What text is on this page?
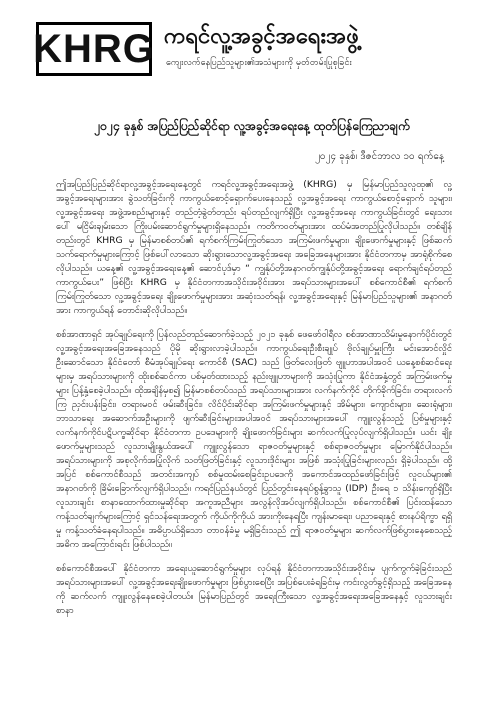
KHRG ကရင်လူ့အခွင့်အရေးအဖွဲ့
ကျေးလက်နေပြည်သူများ၏အသံများကို မှတ်တမ်းပြုစုခြင်း
၂၀၂၄ ခုနှစ် အပြည်ပြည်ဆိုင်ရာ လူ့အခွင့်အရေးနေ့ ထုတ်ပြန်ကြေညာချက်
၂၀၂၄ ခုနှစ်၊ ဒီဇင်ဘာလ ၁၀ ရက်နေ့

ဤအပြည်ပြည်ဆိုင်ရာလူ့အခွင့်အရေးနေ့တွင် ကရင်လူ့အခွင့်အရေးအဖွဲ့ (KHRG) မှ မြန်မာပြည်သူလူထု၏ လူ့အခွင့်အရေးများအား ခွဲသတ်ခြင်းကို ကာကွယ်စောင့်ရှောက်ပေးနေသည့် လူ့အခွင့်အရေး ကာကွယ်စောင့်ရှောက် သူများ၊ လူ့အခွင့်အရေး အဖွဲ့အစည်းများနှင့် တည်တံ့ခွဲတ်တည်း ရပ်တည်လျက်ရှိပြီး လူ့အခွင့်အရေး ကာကွယ်ခြင်းတွင် ရေးသားပေါ် မငြိမ်းချမ်းသော ကြိုးပမ်းဆောင်ရွက်မှုများရှိနေသည်။ ကတိကဝတ်များအား ထပ်မံအတည်ပြုလိုပါသည်။ တစ်ချိန်တည်းတွင် KHRG မှ မြန်မာစစ်တပ်၏ ရက်စက်ကြမ်းကြုတ်သော အကြမ်းဖက်မှုများ၊ ချိုးဖောက်မှုများနှင့် ဖြစ်ဆက်သက်ရောက်မှုများကြောင့် ဖြစ်ပေါ်လာသော ဆိုးရွားသောလူ့အခွင့်အရေး အခြေအနေများအား နိုင်ငံတကာမှ အာရုံစိုက်စေလိုပါသည်။ ယနေ့၏ လူ့အခွင့်အရေးနေ့၏ ဆောင်ပုဒ်မှာ “ ကျွန်ုပ်တို့အနာဂတ်ကျွန်ုပ်တို့အခွင့်အရေး ရောက်ချင်ရပ်တည်ကာကွယ်ပေး” ဖြစ်ပြီး KHRG မှ နိုင်ငံတကာအသိုင်းအဝိုင်းအား အရပ်သားများအပေါ် စစ်ကောင်စီ၏ ရက်စက်ကြမ်းကြုတ်သော လူ့အခွင့်အရေး ချိုးဖောက်မှုများအား အဆုံးသတ်ရန်၊ လူ့အခွင့်အရေးနှင့် မြန်မာပြည်သူများ၏ အနာဂတ်အား ကာကွယ်ရန် တောင်းဆိုလိုပါသည်။

စစ်အာဏာရှင် အုပ်ချုပ်ရေးကို ပြန်လည်တည်ဆောက်ခဲ့သည့် ၂၀၂၁ ခုနှစ် ဖေဖော်ဝါရီလ စစ်အာဏာသိမ်းမှုနောက်ပိုင်းတွင် လူ့အခွင့်အရေးအခြေအနေသည် ပိုမို ဆိုးရွားလာခဲ့ပါသည်။ ကာကွယ်ရေးဦးစီးချုပ် ဗိုလ်ချုပ်မှူးကြီး မင်းအောင်လှိုင် ဦးဆောင်သော နိုင်ငံတော် စီမံအုပ်ချုပ်ရေး ကောင်စီ (SAC) သည် ဖြတ်လေးဖြတ် ဗျူဟာအပါအဝင် ယနေ့စစ်ဆင်ရေးများမှ အရပ်သားများကို ထိုးစစ်ဆင်ကာ ပစ်မှတ်ထားသည့် နည်းဗျူဟာများကို အသုံးပြုကာ နိုင်ငံအနှံ့တွင် အကြမ်းဖက်မှုများ ပြန့်နှံ့စေခဲ့ပါသည်။ ထိုအချိန်မှစ၍ မြန်မာစစ်တပ်သည် အရပ်သားများအား လက်နက်ကိုင် တိုက်ခိုက်ခြင်း၊ တရားလက်ကြ ညှင်းပန်းခြင်း၊ တရားမဝင် ဖမ်းဆီးခြင်း၊ လိင်ပိုင်းဆိုင်ရာ အကြမ်းဖက်မှုများနှင့် အိမ်များ၊ ကျောင်းများ၊ ဆေးရုံများ၊ ဘာသာရေး အဆောက်အဦးများကို ဖျက်ဆီးခြင်းများအပါအဝင် အရပ်သားများအပေါ် ကျူးလွန်သည့် ပြစ်မှုများနှင့် လက်နက်ကိုင်ပဋိပက္ခဆိုင်ရာ နိုင်ငံတကာ ဥပဒေများကို ချိုးဖောက်ခြင်းများ ဆက်လက်ပြုလုပ်လျက်ရှိပါသည်။ ယင်း ချိုးဖောက်မှုများသည် လူသားမျိုးနွယ်အပေါ် ကျူးလွန်သော ရာဇဝတ်မှုများနှင့် စစ်ရာဇဝတ်မှုများ မြောက်နိုင်ပါသည်။ အရပ်သားများကို အစုလိုက်အပြုံလိုက် သတ်ဖြတ်ခြင်းနှင့် လူသားဒိုင်းများ အဖြစ် အသုံးပြုခြင်းများလည်း ရှိခဲ့ပါသည်။ ထို့အပြင် စစ်ကောင်စီသည် အတင်းအကျပ် စစ်မှုထမ်းစေခြင်းဥပဒေကို အကောင်အထည်ဖော်ခြင်းဖြင့် လူငယ်များ၏ အနာဂတ်ကို ခြိမ်းခြောက်လျက်ရှိပါသည်။ ကရင်ပြည်နယ်တွင် ပြည်တွင်းနေရပ်စွန့်ခွာသူ (IDP) ဦးရေ ၁ သိန်းကျော်ရှိပြီး လူသားချင်း စာနာထောက်ထားမှုဆိုင်ရာ အကူအညီများ အလွန်လိုအပ်လျက်ရှိပါသည်။ စစ်ကောင်စီ၏ ပြင်းထန်သော ကန့်သတ်ချက်များကြောင့် ရှင်သန်ရေးအတွက် ကိုယ်ကိုကိုယ် အားကိုးနေရပြီး ကျန်းမာရေး၊ ပညာရေးနှင့် စားနပ်ရိက္ခာ ရရှိမှု ကန့်သတ်ခံနေရပါသည်။ အဓိပ္ပာယ်ရှိသော တာဝန်ခံမှု မရှိခြင်းသည် ဤ ရာဇဝတ်မှုများ ဆက်လက်ဖြစ်ပွားနေစေသည့် အဓိက အကြောင်းရင်း ဖြစ်ပါသည်။

စစ်ကောင်စီအပေါ် နိုင်ငံတကာ အရေးယူဆောင်ရွက်မှုများ လုပ်ရန် နိုင်ငံတကာအသိုင်းအဝိုင်းမှ ပျက်ကွက်ခဲ့ခြင်းသည် အရပ်သားများအပေါ် လူ့အခွင့်အရေးချိုးဖောက်မှုများ ဖြစ်ပွားစေပြီး အပြစ်ပေးခံရခြင်းမှ ကင်းလွတ်ခွင့်ရှိသည့် အခြေအနေကို ဆက်လက် ကျူးလွန်နေစေခဲ့ပါတယ်။ မြန်မာပြည်တွင် အရေးကြီးသော လူ့အခွင့်အရေးအခြေအနေနှင့် လူသားချင်းစာနာ
